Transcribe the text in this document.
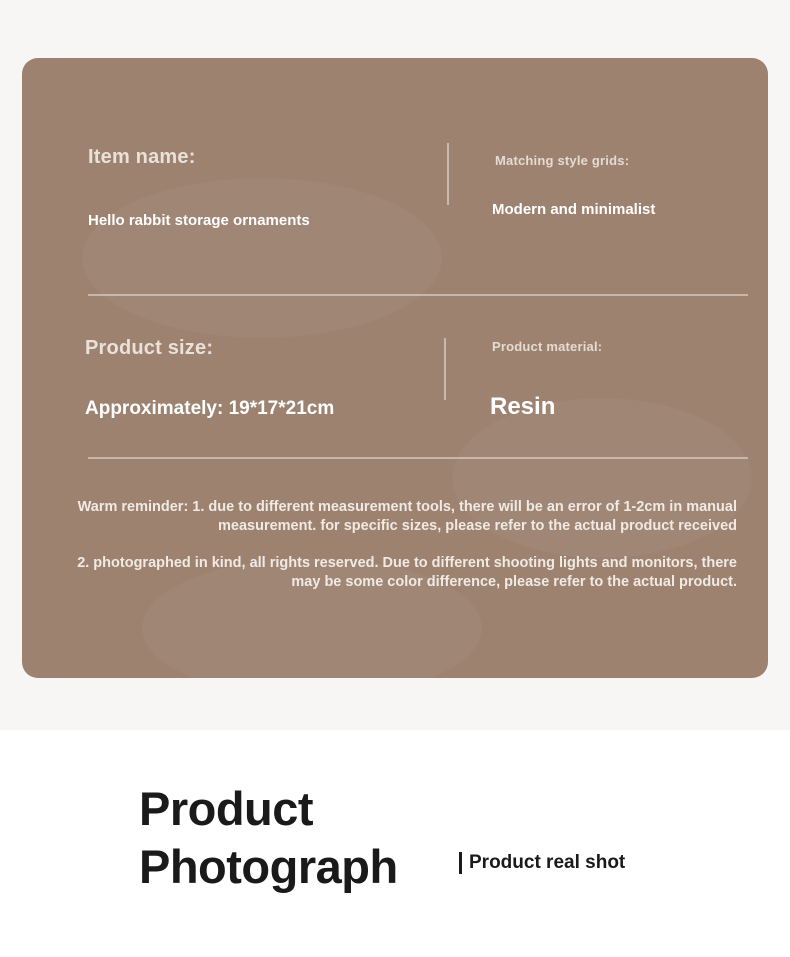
Item name:
Hello rabbit storage ornaments
Matching style grids:
Modern and minimalist
Product size:
Approximately: 19*17*21cm
Product material:
Resin
Warm reminder: 1. due to different measurement tools, there will be an error of 1-2cm in manual measurement. for specific sizes, please refer to the actual product received
2. photographed in kind, all rights reserved. Due to different shooting lights and monitors, there may be some color difference, please refer to the actual product.
Product
Photograph	Product real shot
